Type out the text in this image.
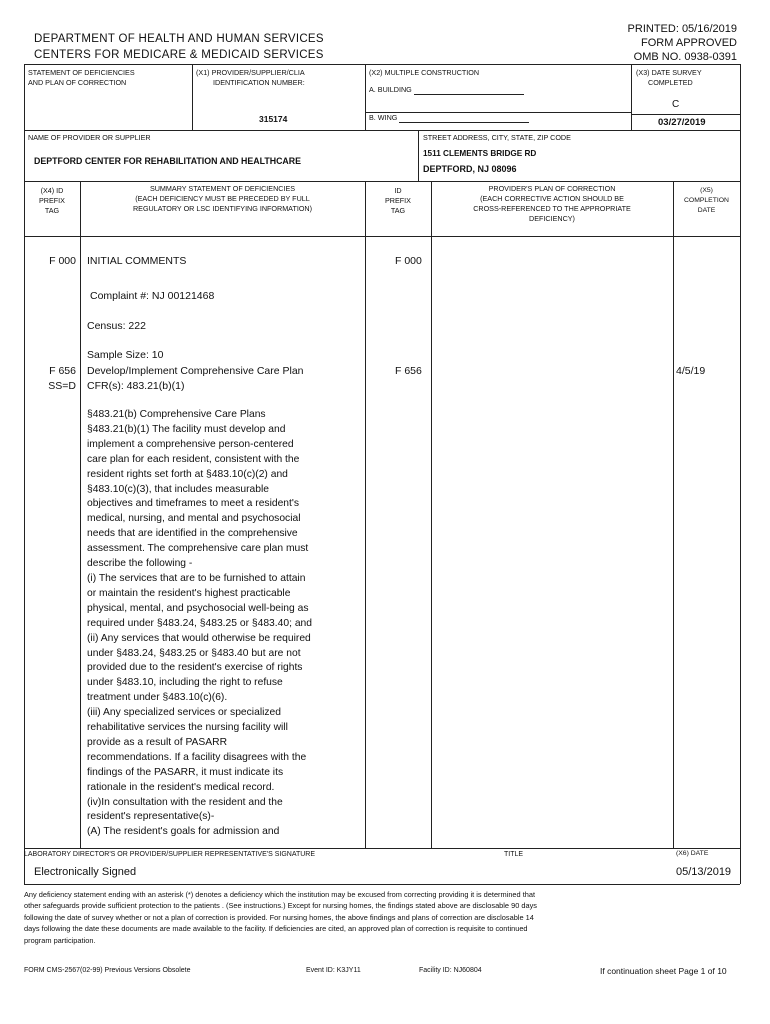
DEPARTMENT OF HEALTH AND HUMAN SERVICES
CENTERS FOR MEDICARE & MEDICAID SERVICES
PRINTED: 05/16/2019
FORM APPROVED
OMB NO. 0938-0391
STATEMENT OF DEFICIENCIES
AND PLAN OF CORRECTION
(X1) PROVIDER/SUPPLIER/CLIA
IDENTIFICATION NUMBER:
315174
(X2) MULTIPLE CONSTRUCTION
A. BUILDING
B. WING
(X3) DATE SURVEY
COMPLETED
C
03/27/2019
NAME OF PROVIDER OR SUPPLIER
DEPTFORD CENTER FOR REHABILITATION AND HEALTHCARE
STREET ADDRESS, CITY, STATE, ZIP CODE
1511 CLEMENTS BRIDGE RD
DEPTFORD, NJ 08096
(X4) ID
PREFIX
TAG
SUMMARY STATEMENT OF DEFICIENCIES
(EACH DEFICIENCY MUST BE PRECEDED BY FULL
REGULATORY OR LSC IDENTIFYING INFORMATION)
ID
PREFIX
TAG
PROVIDER'S PLAN OF CORRECTION
(EACH CORRECTIVE ACTION SHOULD BE
CROSS-REFERENCED TO THE APPROPRIATE
DEFICIENCY)
(X5)
COMPLETION
DATE
F 000 INITIAL COMMENTS	F 000
Complaint #: NJ 00121468
Census: 222
Sample Size: 10
F 656
SS=D
Develop/Implement Comprehensive Care Plan
CFR(s): 483.21(b)(1)
F 656	4/5/19
§483.21(b) Comprehensive Care Plans
§483.21(b)(1) The facility must develop and
implement a comprehensive person-centered
care plan for each resident, consistent with the
resident rights set forth at §483.10(c)(2) and
§483.10(c)(3), that includes measurable
objectives and timeframes to meet a resident's
medical, nursing, and mental and psychosocial
needs that are identified in the comprehensive
assessment. The comprehensive care plan must
describe the following -
(i) The services that are to be furnished to attain
or maintain the resident's highest practicable
physical, mental, and psychosocial well-being as
required under §483.24, §483.25 or §483.40; and
(ii) Any services that would otherwise be required
under §483.24, §483.25 or §483.40 but are not
provided due to the resident's exercise of rights
under §483.10, including the right to refuse
treatment under §483.10(c)(6).
(iii) Any specialized services or specialized
rehabilitative services the nursing facility will
provide as a result of PASARR
recommendations. If a facility disagrees with the
findings of the PASARR, it must indicate its
rationale in the resident's medical record.
(iv)In consultation with the resident and the
resident's representative(s)-
(A) The resident's goals for admission and
LABORATORY DIRECTOR'S OR PROVIDER/SUPPLIER REPRESENTATIVE'S SIGNATURE	TITLE	(X6) DATE
Electronically Signed	05/13/2019
Any deficiency statement ending with an asterisk (*) denotes a deficiency which the institution may be excused from correcting providing it is determined that
other safeguards provide sufficient protection to the patients . (See instructions.) Except for nursing homes, the findings stated above are disclosable 90 days
following the date of survey whether or not a plan of correction is provided. For nursing homes, the above findings and plans of correction are disclosable 14
days following the date these documents are made available to the facility. If deficiencies are cited, an approved plan of correction is requisite to continued
program participation.
FORM CMS-2567(02-99) Previous Versions Obsolete	Event ID: K3JY11	Facility ID: NJ60804	If continuation sheet Page 1 of 10
